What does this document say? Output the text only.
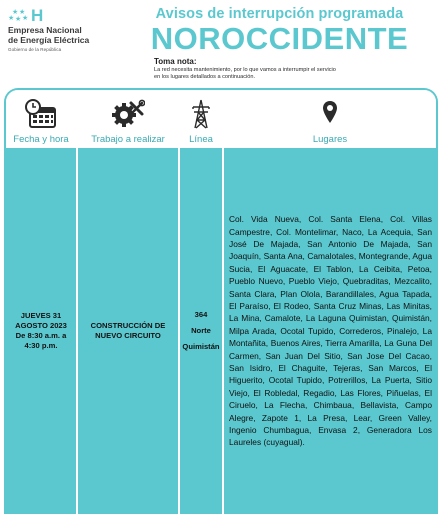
★ ★
★ ★ ★ H
Empresa Nacional
de Energía Eléctrica
Gobierno de la República
Avisos de interrupción programada
NOROCCIDENTE
Toma nota:
La red necesita mantenimiento, por lo que vamos a interrumpir el servicio
en los lugares detallados a continuación.
Fecha y hora
JUEVES 31 AGOSTO 2023 De 8:30 a.m. a 4:30 p.m.
Trabajo a realizar
CONSTRUCCIÓN DE NUEVO CIRCUITO
Línea
364
Norte
Quimistán
Lugares
Col. Vida Nueva, Col. Santa Elena, Col. Villas Campestre, Col. Montelimar, Naco, La Acequia, San José De Majada, San Antonio De Majada, San Joaquín, Santa Ana, Camalotales, Montegrande, Agua Sucia, El Aguacate, El Tablon, La Ceibita, Petoa, Pueblo Nuevo, Pueblo Viejo, Quebraditas, Mezcalito, Santa Clara, Plan Olola, Barandillales, Agua Tapada, El Paraíso, El Rodeo, Santa Cruz Minas, Las Minitas, La Mina, Camalote, La Laguna Quimistan, Quimistán, Milpa Arada, Ocotal Tupido, Correderos, Pinalejo, La Montañita, Buenos Aires, Tierra Amarilla, La Guna Del Carmen, San Juan Del Sitio, San Jose Del Cacao, San Isidro, El Chaguite, Tejeras, San Marcos, El Higuerito, Ocotal Tupido, Potrerillos, La Puerta, Sitio Viejo, El Robledal, Regadio, Las Flores, Piñuelas, El Ciruelo, La Flecha, Chimbaua, Bellavista, Campo Alegre, Zapote 1, La Presa, Lear, Green Valley, Ingenio Chumbagua, Envasa 2, Generadora Los Laureles (cuyagual).
